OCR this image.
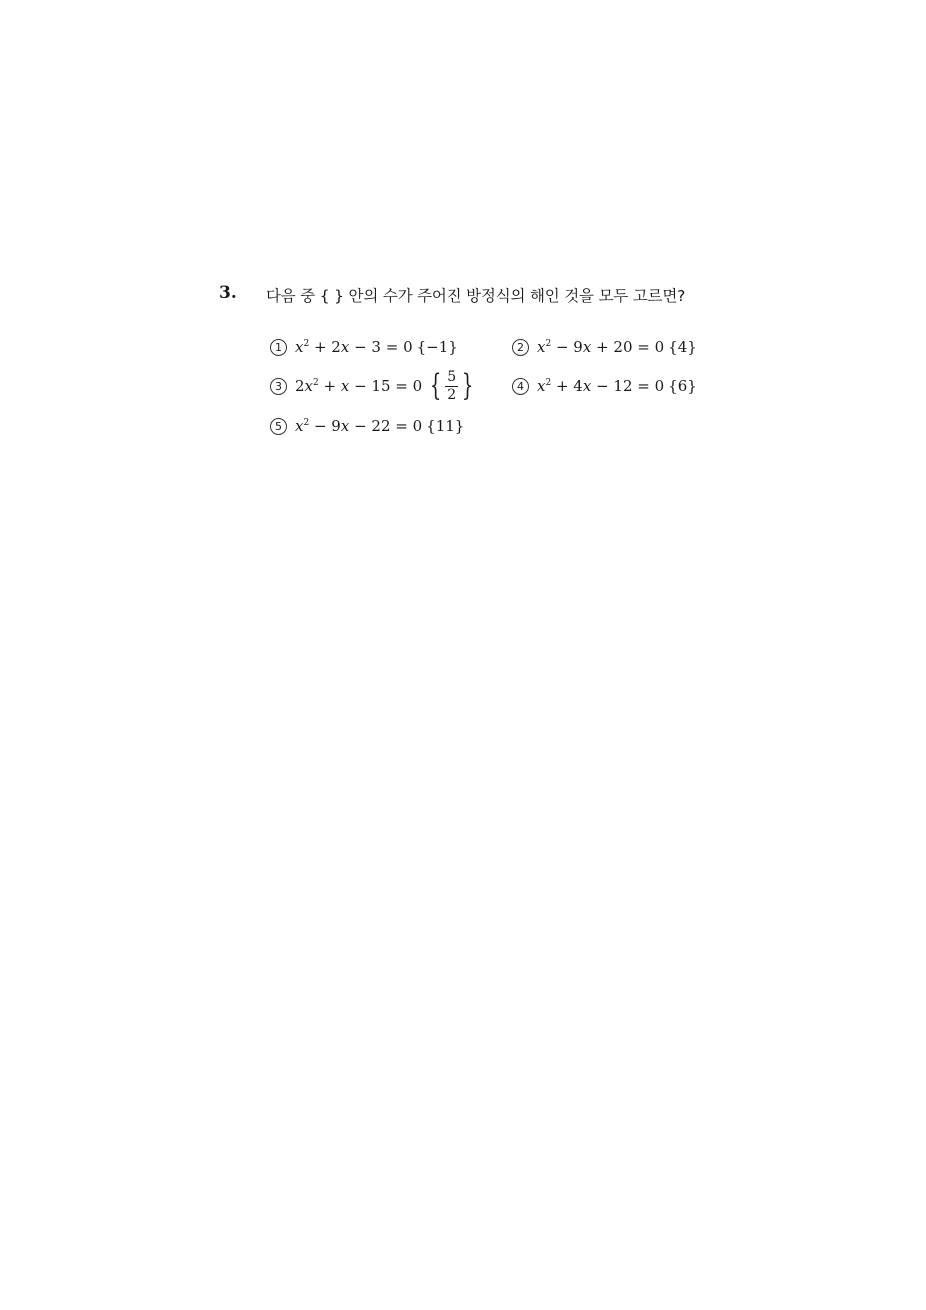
3. 다음 중 { } 안의 수가 주어진 방정식의 해인 것을 모두 고르면?
1 $x^2 + 2x - 3 = 0$ {−1}	2 $x^2 - 9x + 20 = 0$ {4}
3 $2x^2 + x - 15 = 0$ { $\frac{5}{2}$ }	4 $x^2 + 4x - 12 = 0$ {6}
5 $x^2 - 9x - 22 = 0$ {11}
